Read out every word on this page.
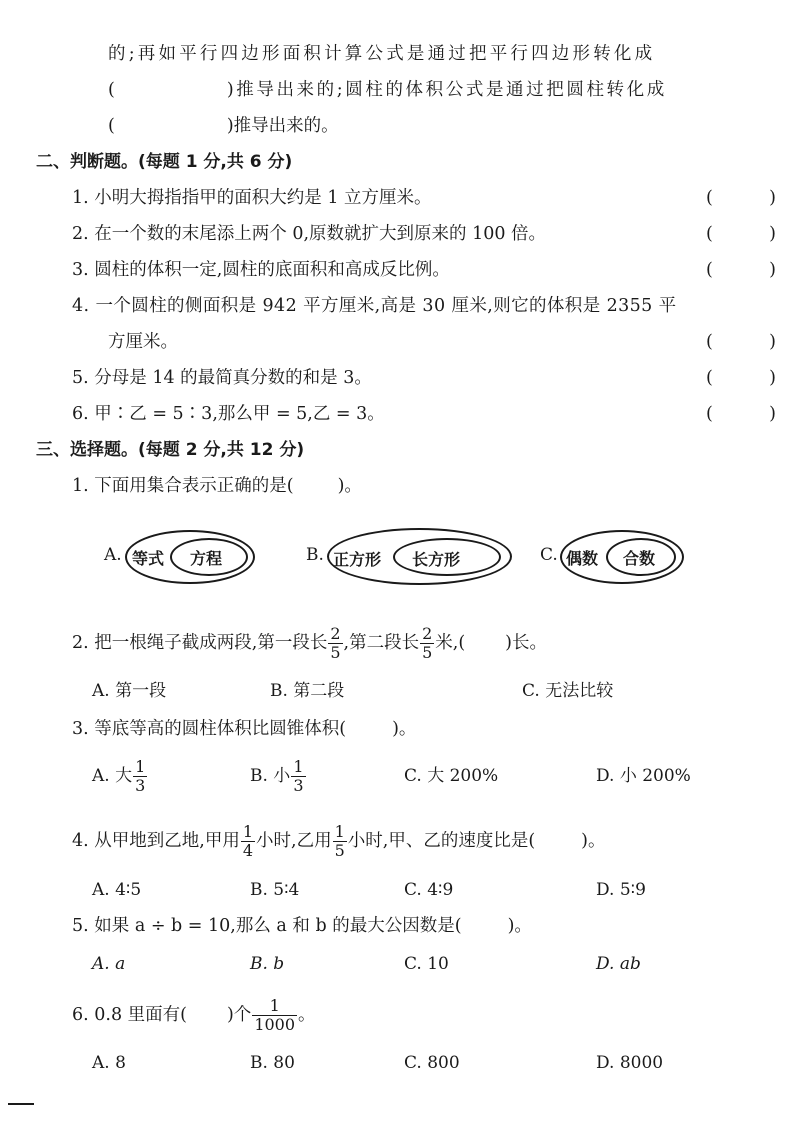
的;再如平行四边形面积计算公式是通过把平行四边形转化成
(	)推导出来的;圆柱的体积公式是通过把圆柱转化成
(	)推导出来的。
二、判断题。(每题 1 分,共 6 分)
1. 小明大拇指指甲的面积大约是 1 立方厘米。	(	)
2. 在一个数的末尾添上两个 0,原数就扩大到原来的 100 倍。	(	)
3. 圆柱的体积一定,圆柱的底面积和高成反比例。	(	)
4. 一个圆柱的侧面积是 942 平方厘米,高是 30 厘米,则它的体积是 2355 平
方厘米。	(	)
5. 分母是 14 的最简真分数的和是 3。	(	)
6. 甲∶乙 = 5∶3,那么甲 = 5,乙 = 3。	(	)
三、选择题。(每题 2 分,共 12 分)
1. 下面用集合表示正确的是(	)。
A. 等式 方程	B. 正方形 长方形	C. 偶数 合数
2. 把一根绳子截成两段,第一段长 $\frac{2}{5}$ ,第二段长 $\frac{2}{5}$ 米,( )长。
A. 第一段	B. 第二段	C. 无法比较
3. 等底等高的圆柱体积比圆锥体积(	)。
A. 大 $\frac{1}{3}$	B. 小 $\frac{1}{3}$	C. 大 200%	D. 小 200%
4. 从甲地到乙地,甲用 $\frac{1}{4}$ 小时,乙用 $\frac{1}{5}$ 小时,甲、乙的速度比是(	)。
A. 4∶5	B. 5∶4	C. 4∶9	D. 5∶9
5. 如果 a ÷ b = 10,那么 a 和 b 的最大公因数是(	)。
A. a	B. b	C. 10	D. ab
6. 0.8 里面有( )个 $\frac{1}{1000}$ 。
A. 8	B. 80	C. 800	D. 8000
